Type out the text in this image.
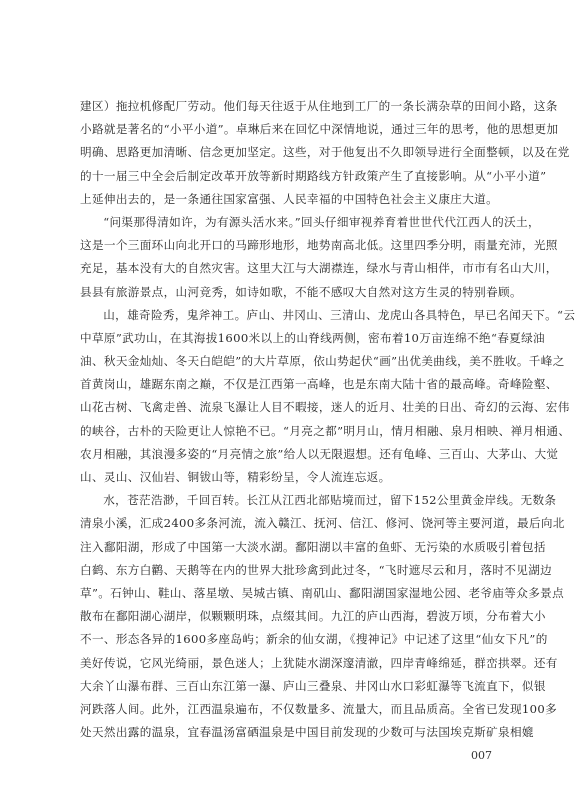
建区）拖拉机修配厂劳动。他们每天往返于从住地到工厂的一条长满杂草的田间小路，这条
小路就是著名的“小平小道”。卓琳后来在回忆中深情地说，通过三年的思考，他的思想更加
明确、思路更加清晰、信念更加坚定。这些，对于他复出不久即领导进行全面整顿，以及在党
的十一届三中全会后制定改革开放等新时期路线方针政策产生了直接影响。从“小平小道”
上延伸出去的，是一条通往国家富强、人民幸福的中国特色社会主义康庄大道。
“问渠那得清如许，为有源头活水来。”回头仔细审视养育着世世代代江西人的沃土，
这是一个三面环山向北开口的马蹄形地形，地势南高北低。这里四季分明，雨量充沛，光照
充足，基本没有大的自然灾害。这里大江与大湖襟连，绿水与青山相伴，市市有名山大川，
县县有旅游景点，山河竞秀，如诗如歌，不能不感叹大自然对这方生灵的特别眷顾。
山，雄奇险秀，鬼斧神工。庐山、井冈山、三清山、龙虎山各具特色，早已名闻天下。“云
中草原”武功山，在其海拔1600米以上的山脊线两侧，密布着10万亩连绵不绝“春夏绿油
油、秋天金灿灿、冬天白皑皑”的大片草原，依山势起伏“画”出优美曲线，美不胜收。千峰之
首黄岗山，雄踞东南之巅，不仅是江西第一高峰，也是东南大陆十省的最高峰。奇峰险壑、
山花古树、飞禽走兽、流泉飞瀑让人目不暇接，迷人的近月、壮美的日出、奇幻的云海、宏伟
的峡谷，古朴的天险更让人惊艳不已。“月亮之都”明月山，情月相融、泉月相映、禅月相通、
农月相融，其浪漫多姿的“月亮情之旅”给人以无限遐想。还有龟峰、三百山、大茅山、大觉
山、灵山、汉仙岩、铜钹山等，精彩纷呈，令人流连忘返。
水，苍茫浩渺，千回百转。长江从江西北部贴境而过，留下152公里黄金岸线。无数条
清泉小溪，汇成2400多条河流，流入赣江、抚河、信江、修河、饶河等主要河道，最后向北
注入鄱阳湖，形成了中国第一大淡水湖。鄱阳湖以丰富的鱼虾、无污染的水质吸引着包括
白鹤、东方白鹳、天鹅等在内的世界大批珍禽到此过冬，“飞时遮尽云和月，落时不见湖边
草”。石钟山、鞋山、落星墩、吴城古镇、南矶山、鄱阳湖国家湿地公园、老爷庙等众多景点
散布在鄱阳湖心湖岸，似颗颗明珠，点缀其间。九江的庐山西海，碧波万顷，分布着大小
不一、形态各异的1600多座岛屿；新余的仙女湖，《搜神记》中记述了这里“仙女下凡”的
美好传说，它风光绮丽，景色迷人；上犹陡水湖深邃清澈，四岸青峰绵延，群峦拱翠。还有
大余丫山瀑布群、三百山东江第一瀑、庐山三叠泉、井冈山水口彩虹瀑等飞流直下，似银
河跌落人间。此外，江西温泉遍布，不仅数量多、流量大，而且品质高。全省已发现100多
处天然出露的温泉，宜春温汤富硒温泉是中国目前发现的少数可与法国埃克斯矿泉相媲
007
